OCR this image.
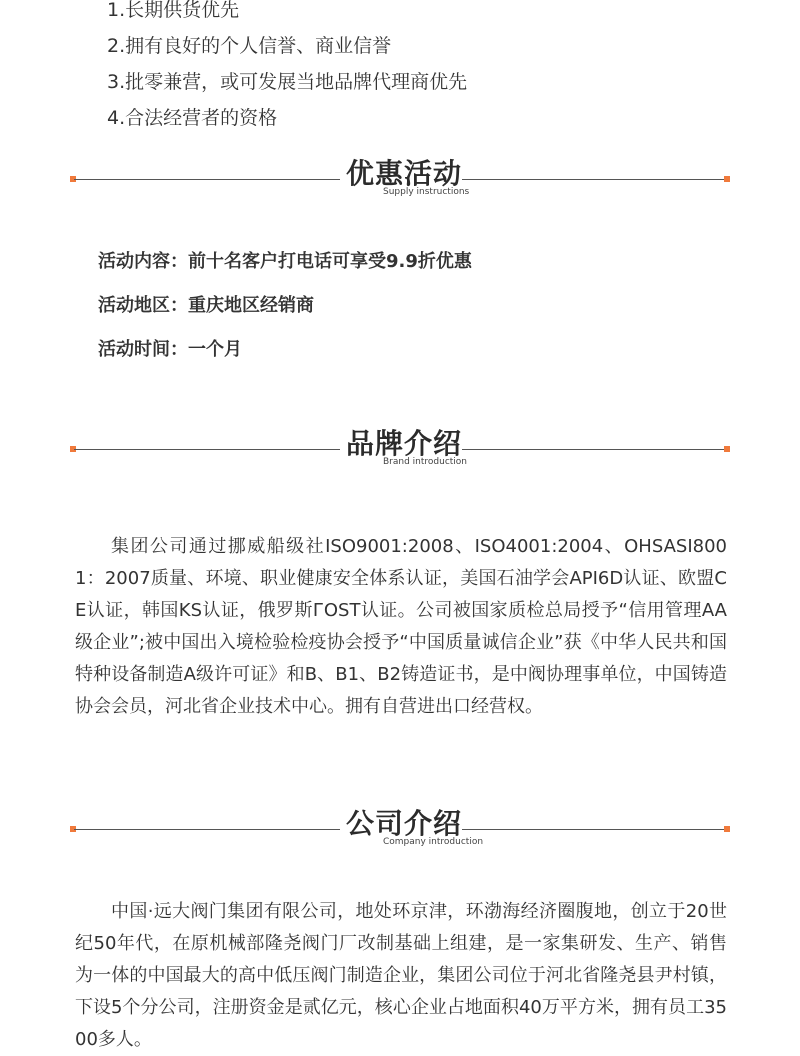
1.长期供货优先
2.拥有良好的个人信誉、商业信誉
3.批零兼营，或可发展当地品牌代理商优先
4.合法经营者的资格
优惠活动
Supply instructions
活动内容：前十名客户打电话可享受9.9折优惠
活动地区：重庆地区经销商
活动时间：一个月
品牌介绍
Brand introduction
集团公司通过挪威船级社ISO9001:2008、ISO4001:2004、OHSASI8001：2007质量、环境、职业健康安全体系认证，美国石油学会API6D认证、欧盟CE认证，韩国KS认证，俄罗斯ГOST认证。公司被国家质检总局授予“信用管理AA级企业”;被中国出入境检验检疫协会授予“中国质量诚信企业”获《中华人民共和国特种设备制造A级许可证》和B、B1、B2铸造证书，是中阀协理事单位，中国铸造协会会员，河北省企业技术中心。拥有自营进出口经营权。
公司介绍
Company introduction
中国·远大阀门集团有限公司，地处环京津，环渤海经济圈腹地，创立于20世纪50年代，在原机械部隆尧阀门厂改制基础上组建，是一家集研发、生产、销售为一体的中国最大的高中低压阀门制造企业，集团公司位于河北省隆尧县尹村镇，下设5个分公司，注册资金是贰亿元，核心企业占地面积40万平方米，拥有员工3500多人。
